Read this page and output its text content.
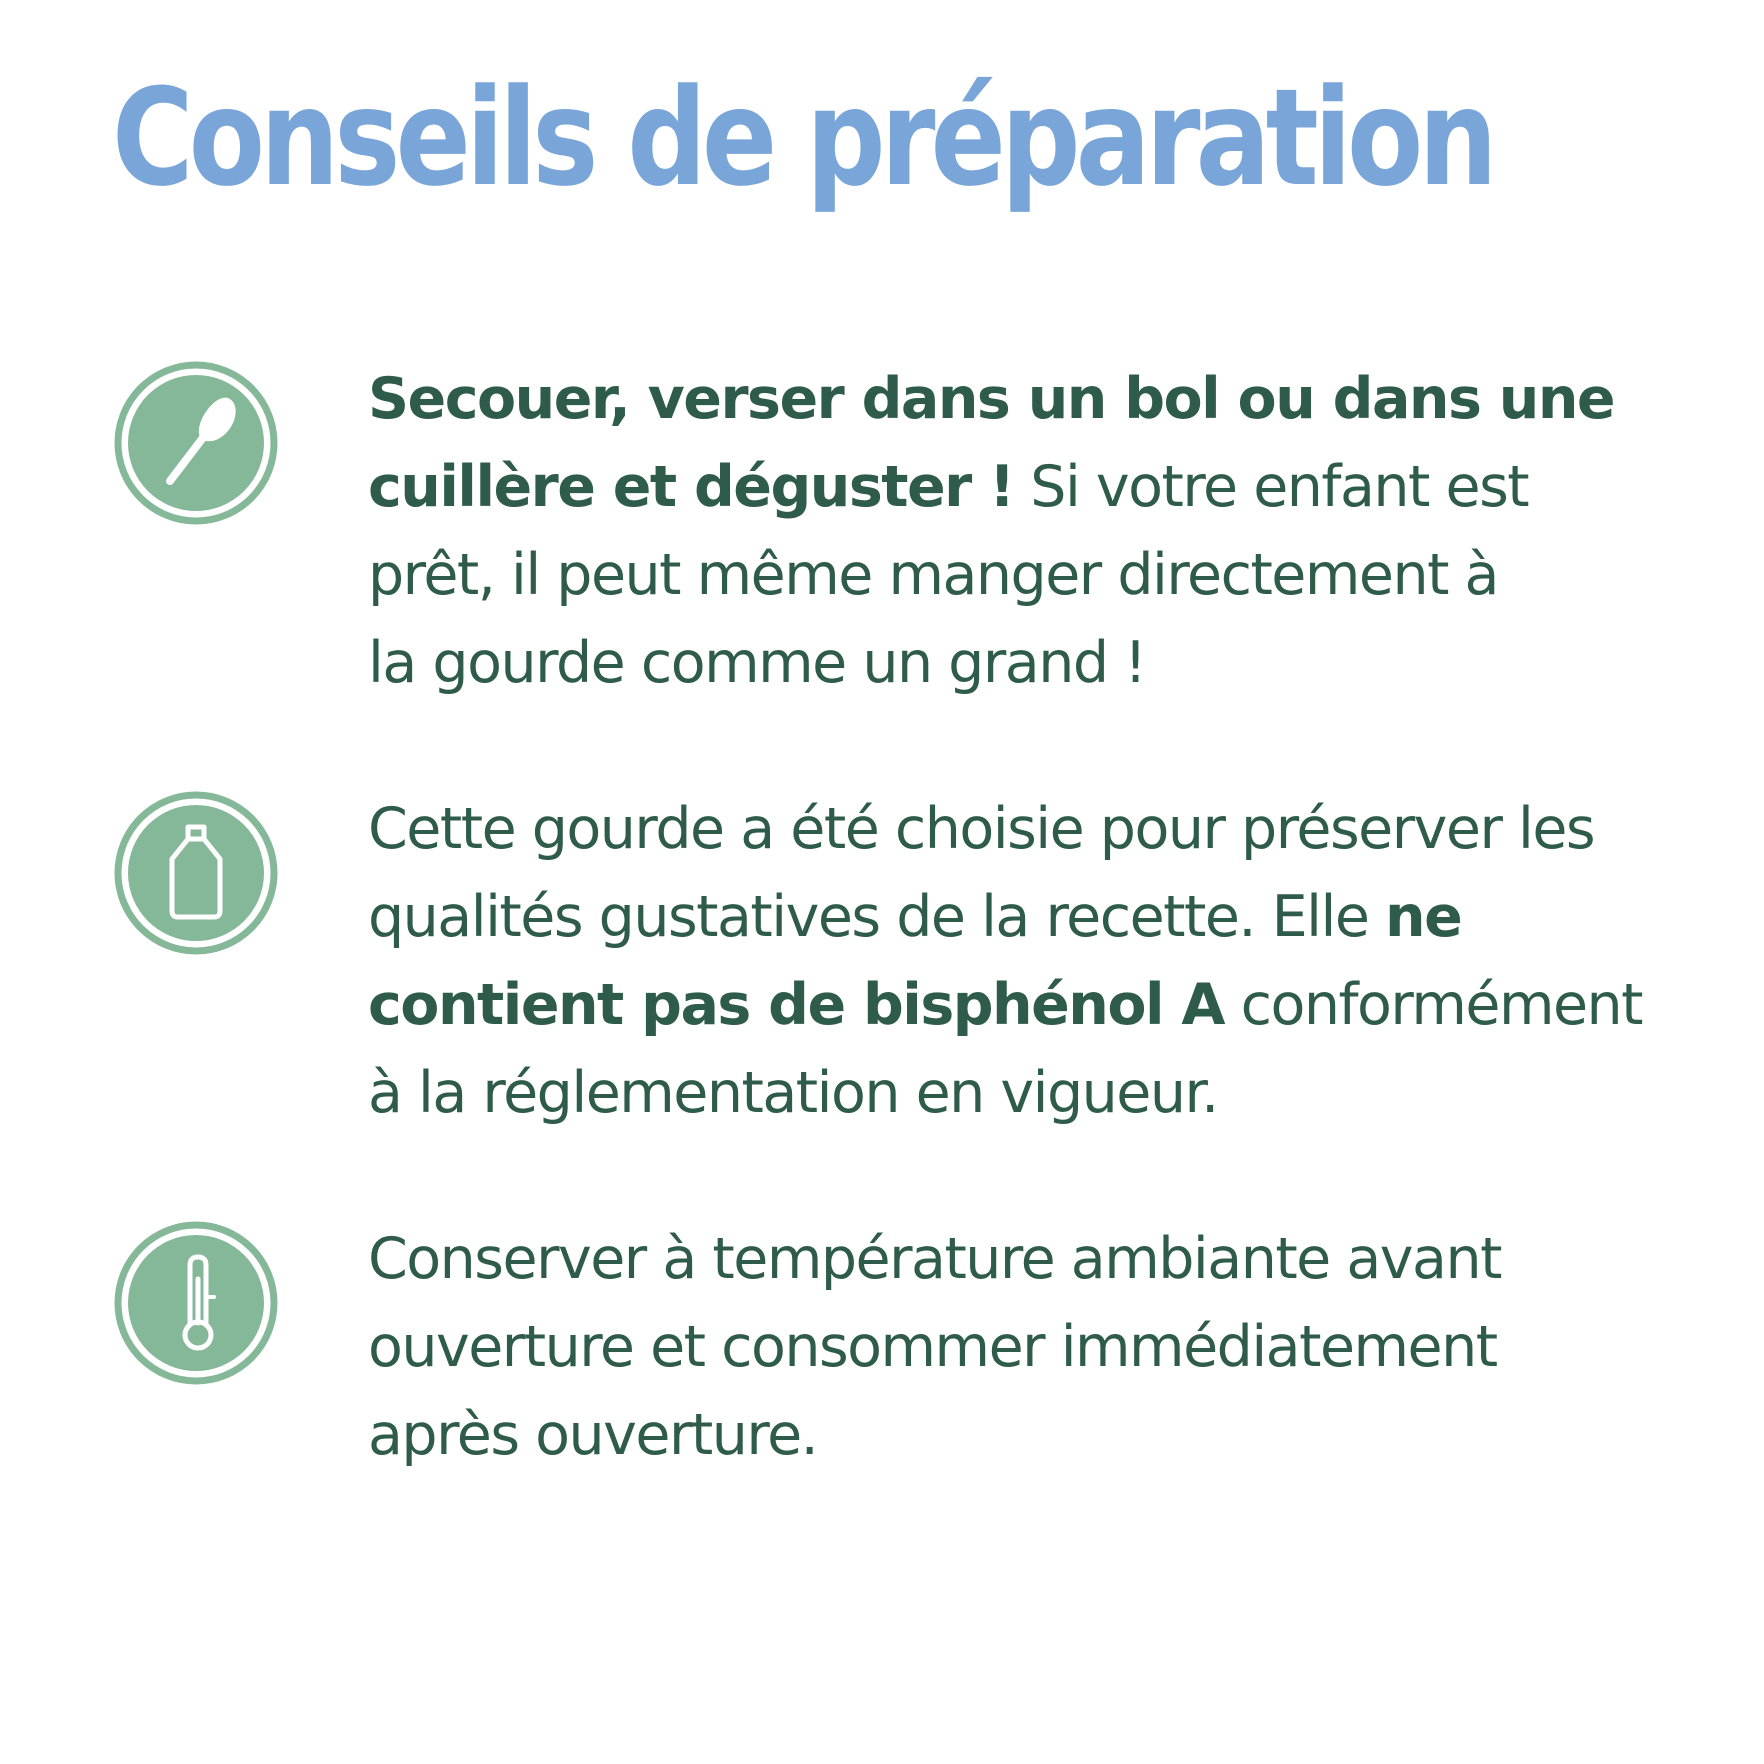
Conseils de préparation

Secouer, verser dans un bol ou dans une
cuillère et déguster ! Si votre enfant est
prêt, il peut même manger directement à
la gourde comme un grand !

Cette gourde a été choisie pour préserver les
qualités gustatives de la recette. Elle ne
contient pas de bisphénol A conformément
à la réglementation en vigueur.

Conserver à température ambiante avant
ouverture et consommer immédiatement
après ouverture.
